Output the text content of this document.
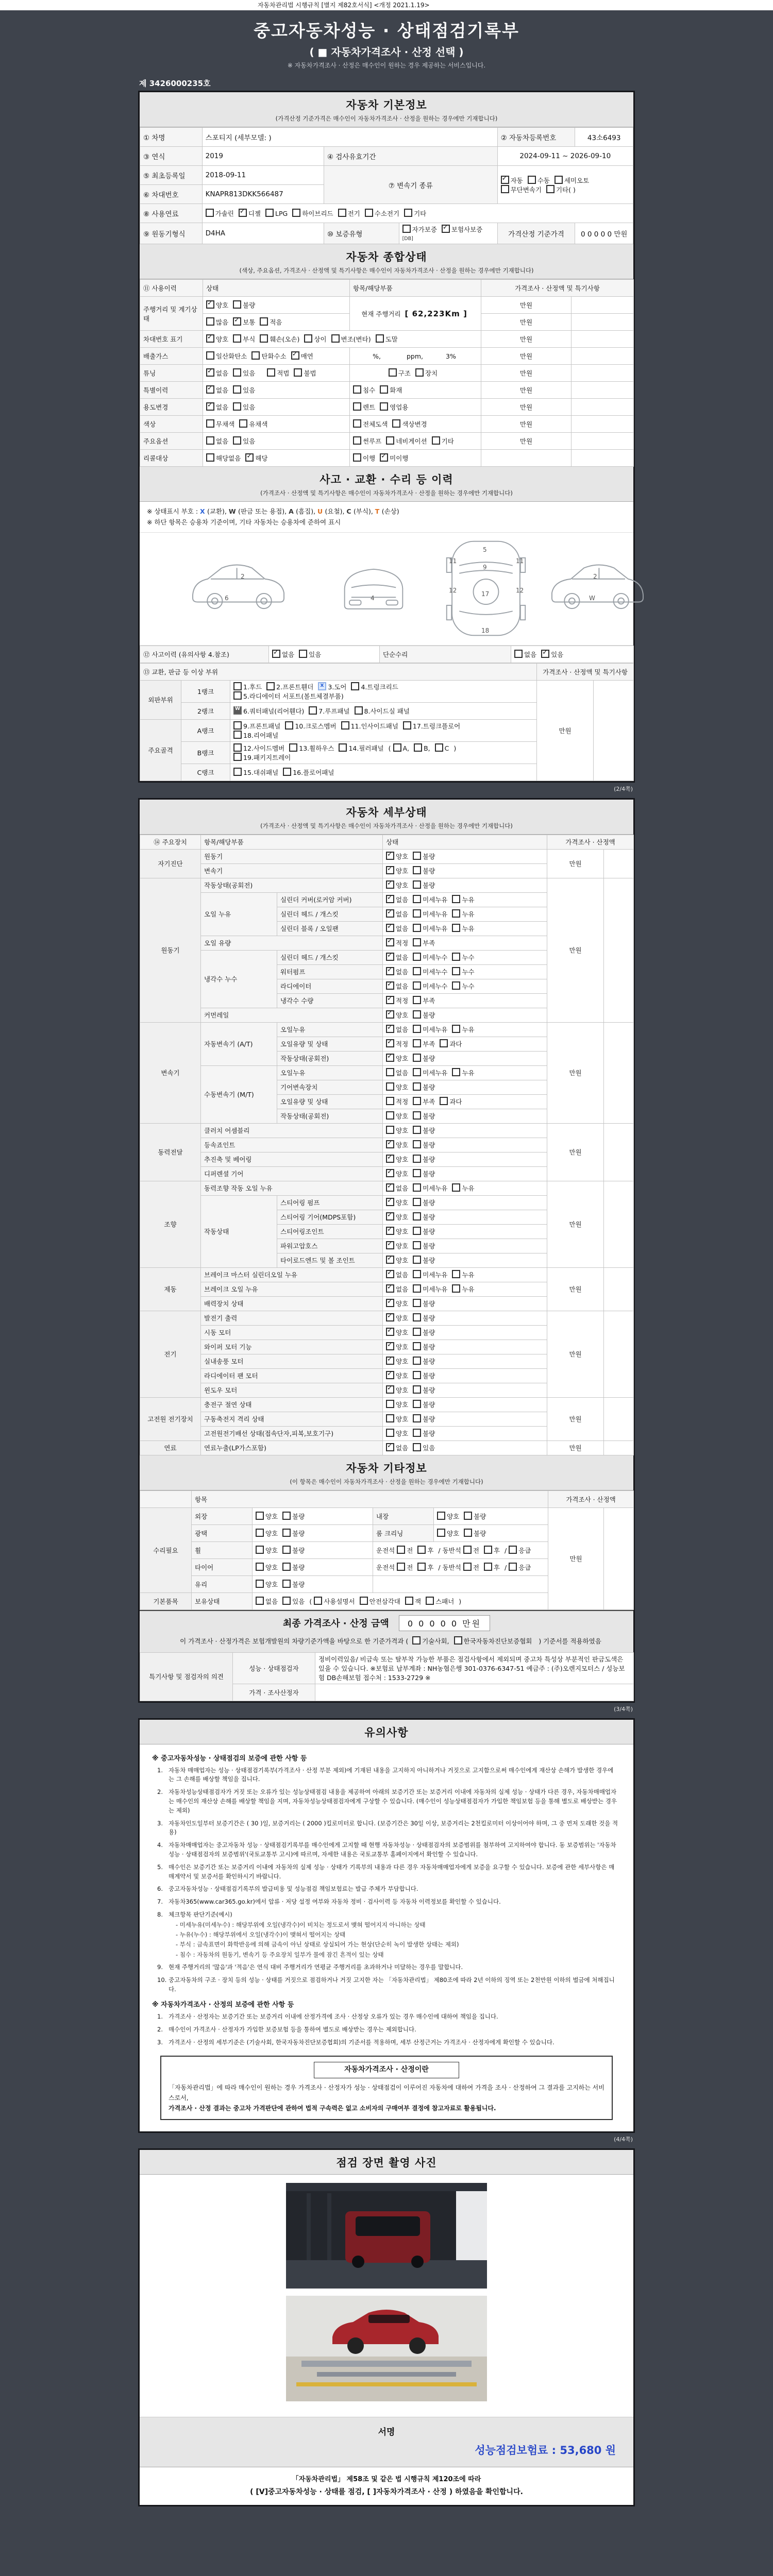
자동차관리법 시행규칙 [별지 제82호서식] <개정 2021.1.19>
중고자동차성능 · 상태점검기록부
( ■ 자동차가격조사 · 산정 선택 )
※ 자동차가격조사 · 산정은 매수인이 원하는 경우 제공하는 서비스입니다.
제 3426000235호
자동차 기본정보
(가격산정 기준가격은 매수인이 자동차가격조사 · 산정을 원하는 경우에만 기재합니다)
① 차명	스포티지 (세부모델: )			② 자동차등록번호	43소6493
③ 연식	2019	④ 검사유효기간		2024-09-11 ~ 2026-09-10	
⑤ 최초등록일	2018-09-11	⑦ 변속기 종류	✓자동 수동 세미오토
무단변속기 기타( )
⑥ 차대번호	KNAPR813DKK566487				
⑧ 사용연료	가솔린 ✓ 디젤 LPG 하이브리드 전기 수소전기 기타
⑨ 원동기형식	D4HA	⑩ 보증유형	자가보증 ✓ 보험사보증[DB]	가격산정 기준가격	0 0 0 0 0 만원
자동차 종합상태
(색상, 주요옵션, 가격조사 · 산정액 및 특기사항은 매수인이 자동차가격조사 · 산정을 원하는 경우에만 기재합니다)
⑪ 사용이력	상태	항목/해당부품	가격조사 · 산정액 및 특기사항	
주행거리 및 계기상태	✓양호 불량	현재 주행거리 [ 62,223Km ]	만원	
	많음 ✓ 보통 적음		만원	
차대번호 표기	✓양호 부식 훼손(오손) 상이 변조(변타) 도말		만원	
배출가스	일산화탄소 탄화수소 ✓ 매연	%, ppm, 3%	만원	
튜닝	✓없음 있음 적법 불법	구조 장치	만원	
특별이력	✓없음 있음	침수 화재	만원	
용도변경	✓없음 있음	렌트 영업용	만원	
색상	무채색 유채색	전체도색 색상변경	만원	
주요옵션	없음 있음	썬루프 네비게이션 기타	만원	
리콜대상	해당없음 ✓ 해당	이행 ✓ 미이행		
사고 · 교환 · 수리 등 이력
(가격조사 · 산정액 및 특기사항은 매수인이 자동차가격조사 · 산정을 원하는 경우에만 기재합니다)
※ 상태표시 부호 : X (교환), W (판금 또는 용접), A (흠집), U (요철), C (부식), T (손상)
※ 하단 항목은 승용차 기준이며, 기타 자동차는 승용차에 준하여 표시
2
6	4
5
9
11	11
12	12
17
18
2
W
⑫ 사고이력 (유의사항 4.참조)	✓없음 있음	단순수리	없음 ✓ 있음
⑬ 교환, 판금 등 이상 부위			가격조사 · 산정액 및 특기사항	
외판부위	1랭크	1.후드 2.프론트휀더 x 3.도어 4.트렁크리드
5.라디에이터 서포트(볼트체결부품)	만원	
	2랭크	W6.쿼터패널(리어휀다) 7.루프패널 8.사이드실 패널
주요골격	A랭크	9.프론트패널 10.크로스멤버 11.인사이드패널 17.트렁크플로어
18.리어패널		
	B랭크	12.사이드멤버 13.휠하우스 14.필러패널 ( A, B, C )
19.패키지트레이		
	C랭크	15.대쉬패널 16.플로어패널		
(2/4쪽)
자동차 세부상태
(가격조사 · 산정액 및 특기사항은 매수인이 자동차가격조사 · 산정을 원하는 경우에만 기재합니다)
⑭ 주요장치	항목/해당부품		상태	가격조사 · 산정액	
자기진단	원동기	✓양호 불량	만원	
	변속기	✓양호 불량
원동기	작동상태(공회전)	✓양호 불량	만원	
	오일 누유	실린더 커버(로커암 커버)	✓없음 미세누유 누유
		실린더 헤드 / 개스킷	✓없음 미세누유 누유
		실린더 블록 / 오일팬	✓없음 미세누유 누유
	오일 유량	✓적정 부족
	냉각수 누수	실린더 헤드 / 개스킷	✓없음 미세누수 누수
		워터펌프	✓없음 미세누수 누수
		라디에이터	✓없음 미세누수 누수
		냉각수 수량	✓적정 부족
	커먼레일	✓양호 불량
변속기	자동변속기 (A/T)	오일누유	✓없음 미세누유 누유	만원	
		오일유량 및 상태	✓적정 부족 과다
		작동상태(공회전)	✓양호 불량
	수동변속기 (M/T)	오일누유	없음 미세누유 누유		
		기어변속장치	양호 불량		
		오일유량 및 상태	적정 부족 과다		
		작동상태(공회전)	양호 불량		
동력전달	클러치 어셈블리		양호 불량	만원	
	등속죠인트	✓양호 불량
	추진축 및 베어링	✓양호 불량
	디퍼렌셜 기어	✓양호 불량
조향	동력조향 작동 오일 누유	✓없음 미세누유 누유	만원	
	작동상태	스티어링 펌프	✓양호 불량
		스티어링 기어(MDPS포함)	✓양호 불량
		스티어링조인트	✓양호 불량
		파워고압호스	✓양호 불량
		타이로드엔드 및 볼 조인트	✓양호 불량
제동	브레이크 마스터 실린더오일 누유	✓없음 미세누유 누유	만원	
	브레이크 오일 누유	✓없음 미세누유 누유
	배력장치 상태	✓양호 불량
전기	발전기 출력	✓양호 불량	만원	
	시동 모터	✓양호 불량
	와이퍼 모터 기능	✓양호 불량
	실내송풍 모터	✓양호 불량
	라디에이터 팬 모터	✓양호 불량
	윈도우 모터	✓양호 불량
고전원 전기장치	충전구 절연 상태		양호 불량	만원	
	구동축전지 격리 상태		양호 불량		
	고전원전기배선 상태(접속단자,피복,보호기구)		양호 불량		
연료	연료누출(LP가스포함)	✓없음 있음	만원	
자동차 기타정보
(이 항목은 매수인이 자동차가격조사 · 산정을 원하는 경우에만 기재합니다)
	항목				가격조사 · 산정액	
수리필요	외장	양호 불량	내장	양호 불량	만원	
	광택	양호 불량	룸 크리닝	양호 불량		
	휠	양호 불량	운전석 전 후 / 동반석 전 후 / 응급			
	타이어	양호 불량	운전석 전 후 / 동반석 전 후 / 응급			
	유리	양호 불량				
기본품목	보유상태	없음 있음 ( 사용설명서 안전삼각대 잭 스패너 )				
최종 가격조사 · 산정 금액 0 0 0 0 0 만원
이 가격조사 · 산정가격은 보험개발원의 차량기준가액을 바탕으로 한 기준가격과 ( 기술사회, 한국자동차진단보증협회 ) 기준서를 적용하였음
특기사항 및 점검자의 의견	성능 · 상태점검자	정비이력있음/ 비금속 또는 탈부착 가능한 부품은 점검사항에서 제외되며 중고차 특성상 부분적인 판금도색은 있을 수 있습니다. ※보험료 납부계좌 : NH농협은행 301-0376-6347-51 예금주 : (주)오렌지모터스 / 성능보험 DB손해보험 접수처 : 1533-2729 ※
	가격 · 조사산정자	
(3/4쪽)
유의사항
※ 중고자동차성능 · 상태점검의 보증에 관한 사항 등
1. 자동차 매매업자는 성능 · 상태점검기록부(가격조사 · 산정 부분 제외)에 기재된 내용을 고지하지 아니하거나 거짓으로 고지함으로써 매수인에게 재산상 손해가 발생한 경우에는 그 손해를 배상할 책임을 집니다.
2. 자동차성능상태점검자가 거짓 또는 오류가 있는 성능상태점검 내용을 제공하여 아래의 보증기간 또는 보증거리 이내에 자동차의 실제 성능 · 상태가 다른 경우, 자동차매매업자는 매수인의 재산상 손해를 배상할 책임을 지며, 자동차성능상태점검자에게 구상할 수 있습니다. (매수인이 성능상태점검자가 가입한 책임보험 등을 통해 별도로 배상받는 경우는 제외)
3. 자동차인도일부터 보증기간은 ( 30 )일, 보증거리는 ( 2000 )킬로미터로 합니다. (보증기간은 30일 이상, 보증거리는 2천킬로미터 이상이어야 하며, 그 중 먼저 도래한 것을 적용)
4. 자동차매매업자는 중고자동차 성능 · 상태점검기록부를 매수인에게 고지할 때 현행 자동차성능 · 상태점검자의 보증범위를 첨부하여 고지하여야 합니다. 동 보증범위는 '자동차성능 · 상태점검자의 보증범위'(국토교통부 고시)에 따르며, 자세한 내용은 국토교통부 홈페이지에서 확인할 수 있습니다.
5. 매수인은 보증기간 또는 보증거리 이내에 자동차의 실제 성능 · 상태가 기록부의 내용과 다른 경우 자동차매매업자에게 보증을 요구할 수 있습니다. 보증에 관한 세부사항은 매매계약서 및 보증서를 확인하시기 바랍니다.
6. 중고자동차성능 · 상태점검기록부의 발급비용 및 성능점검 책임보험료는 발급 주체가 부담합니다.
7. 자동차365(www.car365.go.kr)에서 압류 · 저당 설정 여부와 자동차 정비 · 검사이력 등 자동차 이력정보를 확인할 수 있습니다.
8. 체크항목 판단기준(예시)
- 미세누유(미세누수) : 해당부위에 오일(냉각수)이 비치는 정도로서 맺혀 떨어지지 아니하는 상태
- 누유(누수) : 해당부위에서 오일(냉각수)이 맺혀서 떨어지는 상태
- 부식 : 금속표면이 화학반응에 의해 금속이 아닌 상태로 상실되어 가는 현상(단순히 녹이 발생한 상태는 제외)
- 침수 : 자동차의 원동기, 변속기 등 주요장치 일부가 물에 잠긴 흔적이 있는 상태
9. 현재 주행거리의 '많음'과 '적음'은 연식 대비 주행거리가 연평균 주행거리를 초과하거나 미달하는 경우를 말합니다.
10. 중고자동차의 구조 · 장치 등의 성능 · 상태를 거짓으로 점검하거나 거짓 고지한 자는 「자동차관리법」 제80조에 따라 2년 이하의 징역 또는 2천만원 이하의 벌금에 처해집니다.
※ 자동차가격조사 · 산정의 보증에 관한 사항 등
1. 가격조사 · 산정자는 보증기간 또는 보증거리 이내에 산정가격에 조사 · 산정상 오류가 있는 경우 매수인에 대하여 책임을 집니다.
2. 매수인이 가격조사 · 산정자가 가입한 보증보험 등을 통하여 별도로 배상받는 경우는 제외합니다.
3. 가격조사 · 산정의 세부기준은 (기술사회, 한국자동차진단보증협회)의 기준서를 적용하며, 세부 산정근거는 가격조사 · 산정자에게 확인할 수 있습니다.
자동차가격조사 · 산정이란
「자동차관리법」에 따라 매수인이 원하는 경우 가격조사 · 산정자가 성능 · 상태점검이 이루어진 자동차에 대하여 가격을 조사 · 산정하여 그 결과를 고지하는 서비스로서,
가격조사 · 산정 결과는 중고차 가격판단에 관하여 법적 구속력은 없고 소비자의 구매여부 결정에 참고자료로 활용됩니다.
(4/4쪽)
점검 장면 촬영 사진
서명
성능점검보험료 : 53,680 원
「자동차관리법」 제58조 및 같은 법 시행규칙 제120조에 따라
( [V]중고자동차성능 · 상태를 점검, [ ]자동차가격조사 · 산정 ) 하였음을 확인합니다.
